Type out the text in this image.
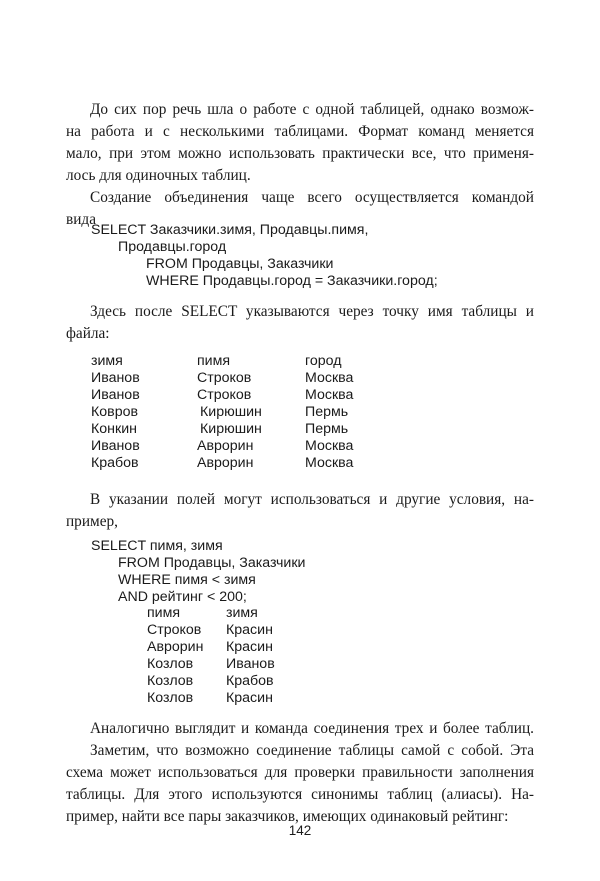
До сих пор речь шла о работе с одной таблицей, однако возмож-
на работа и с несколькими таблицами. Формат команд меняется
мало, при этом можно использовать практически все, что применя-
лось для одиночных таблиц.
Создание объединения чаще всего осуществляется командой
вида
SELECT Заказчики.зимя, Продавцы.пимя,
Продавцы.город
FROM Продавцы, Заказчики
WHERE Продавцы.город = Заказчики.город;
Здесь после SELECT указываются через точку имя таблицы и
файла:
зимя	пимя	город
Иванов	Строков	Москва
Иванов	Строков	Москва
Ковров	Кирюшин	Пермь
Конкин	Кирюшин	Пермь
Иванов	Аврорин	Москва
Крабов	Аврорин	Москва
В указании полей могут использоваться и другие условия, на-
пример,
SELECT пимя, зимя
FROM Продавцы, Заказчики
WHERE пимя < зимя
AND рейтинг < 200;
пимя	зимя
Строков Красин
Аврорин Красин
Козлов Иванов
Козлов Крабов
Козлов Красин
Аналогично выглядит и команда соединения трех и более таблиц.
Заметим, что возможно соединение таблицы самой с собой. Эта
схема может использоваться для проверки правильности заполнения
таблицы. Для этого используются синонимы таблиц (алиасы). На-
пример, найти все пары заказчиков, имеющих одинаковый рейтинг:
142
